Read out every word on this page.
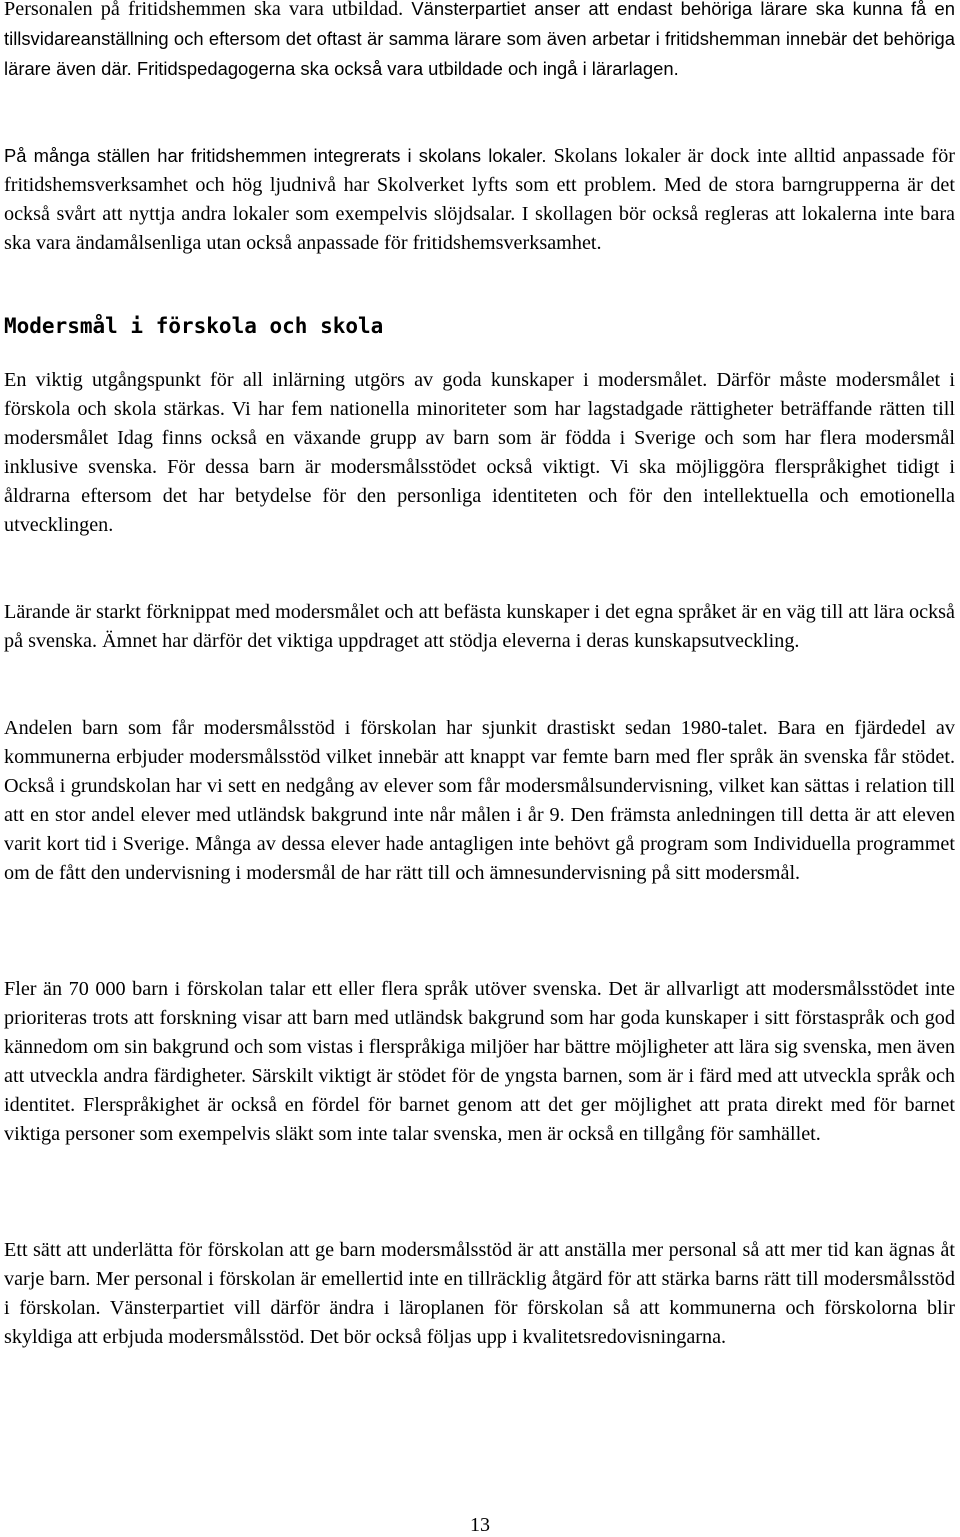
Personalen på fritidshemmen ska vara utbildad. Vänsterpartiet anser att endast behöriga lärare ska kunna få en tillsvidareanställning och eftersom det oftast är samma lärare som även arbetar i fritidshemman innebär det behöriga lärare även där. Fritidspedagogerna ska också vara utbildade och ingå i lärarlagen.

På många ställen har fritidshemmen integrerats i skolans lokaler. Skolans lokaler är dock inte alltid anpassade för fritidshemsverksamhet och hög ljudnivå har Skolverket lyfts som ett problem. Med de stora barngrupperna är det också svårt att nyttja andra lokaler som exempelvis slöjdsalar. I skollagen bör också regleras att lokalerna inte bara ska vara ändamålsenliga utan också anpassade för fritidshemsverksamhet.

Modersmål i förskola och skola

En viktig utgångspunkt för all inlärning utgörs av goda kunskaper i modersmålet. Därför måste modersmålet i förskola och skola stärkas. Vi har fem nationella minoriteter som har lagstadgade rättigheter beträffande rätten till modersmålet Idag finns också en växande grupp av barn som är födda i Sverige och som har flera modersmål inklusive svenska. För dessa barn är modersmålsstödet också viktigt. Vi ska möjliggöra flerspråkighet tidigt i åldrarna eftersom det har betydelse för den personliga identiteten och för den intellektuella och emotionella utvecklingen.

Lärande är starkt förknippat med modersmålet och att befästa kunskaper i det egna språket är en väg till att lära också på svenska. Ämnet har därför det viktiga uppdraget att stödja eleverna i deras kunskapsutveckling.

Andelen barn som får modersmålsstöd i förskolan har sjunkit drastiskt sedan 1980-talet. Bara en fjärdedel av kommunerna erbjuder modersmålsstöd vilket innebär att knappt var femte barn med fler språk än svenska får stödet. Också i grundskolan har vi sett en nedgång av elever som får modersmålsundervisning, vilket kan sättas i relation till att en stor andel elever med utländsk bakgrund inte når målen i år 9. Den främsta anledningen till detta är att eleven varit kort tid i Sverige. Många av dessa elever hade antagligen inte behövt gå program som Individuella programmet om de fått den undervisning i modersmål de har rätt till och ämnesundervisning på sitt modersmål.

Fler än 70 000 barn i förskolan talar ett eller flera språk utöver svenska. Det är allvarligt att modersmålsstödet inte prioriteras trots att forskning visar att barn med utländsk bakgrund som har goda kunskaper i sitt förstaspråk och god kännedom om sin bakgrund och som vistas i flerspråkiga miljöer har bättre möjligheter att lära sig svenska, men även att utveckla andra färdigheter. Särskilt viktigt är stödet för de yngsta barnen, som är i färd med att utveckla språk och identitet. Flerspråkighet är också en fördel för barnet genom att det ger möjlighet att prata direkt med för barnet viktiga personer som exempelvis släkt som inte talar svenska, men är också en tillgång för samhället.

Ett sätt att underlätta för förskolan att ge barn modersmålsstöd är att anställa mer personal så att mer tid kan ägnas åt varje barn. Mer personal i förskolan är emellertid inte en tillräcklig åtgärd för att stärka barns rätt till modersmålsstöd i förskolan. Vänsterpartiet vill därför ändra i läroplanen för förskolan så att kommunerna och förskolorna blir skyldiga att erbjuda modersmålsstöd. Det bör också följas upp i kvalitetsredovisningarna.

13
